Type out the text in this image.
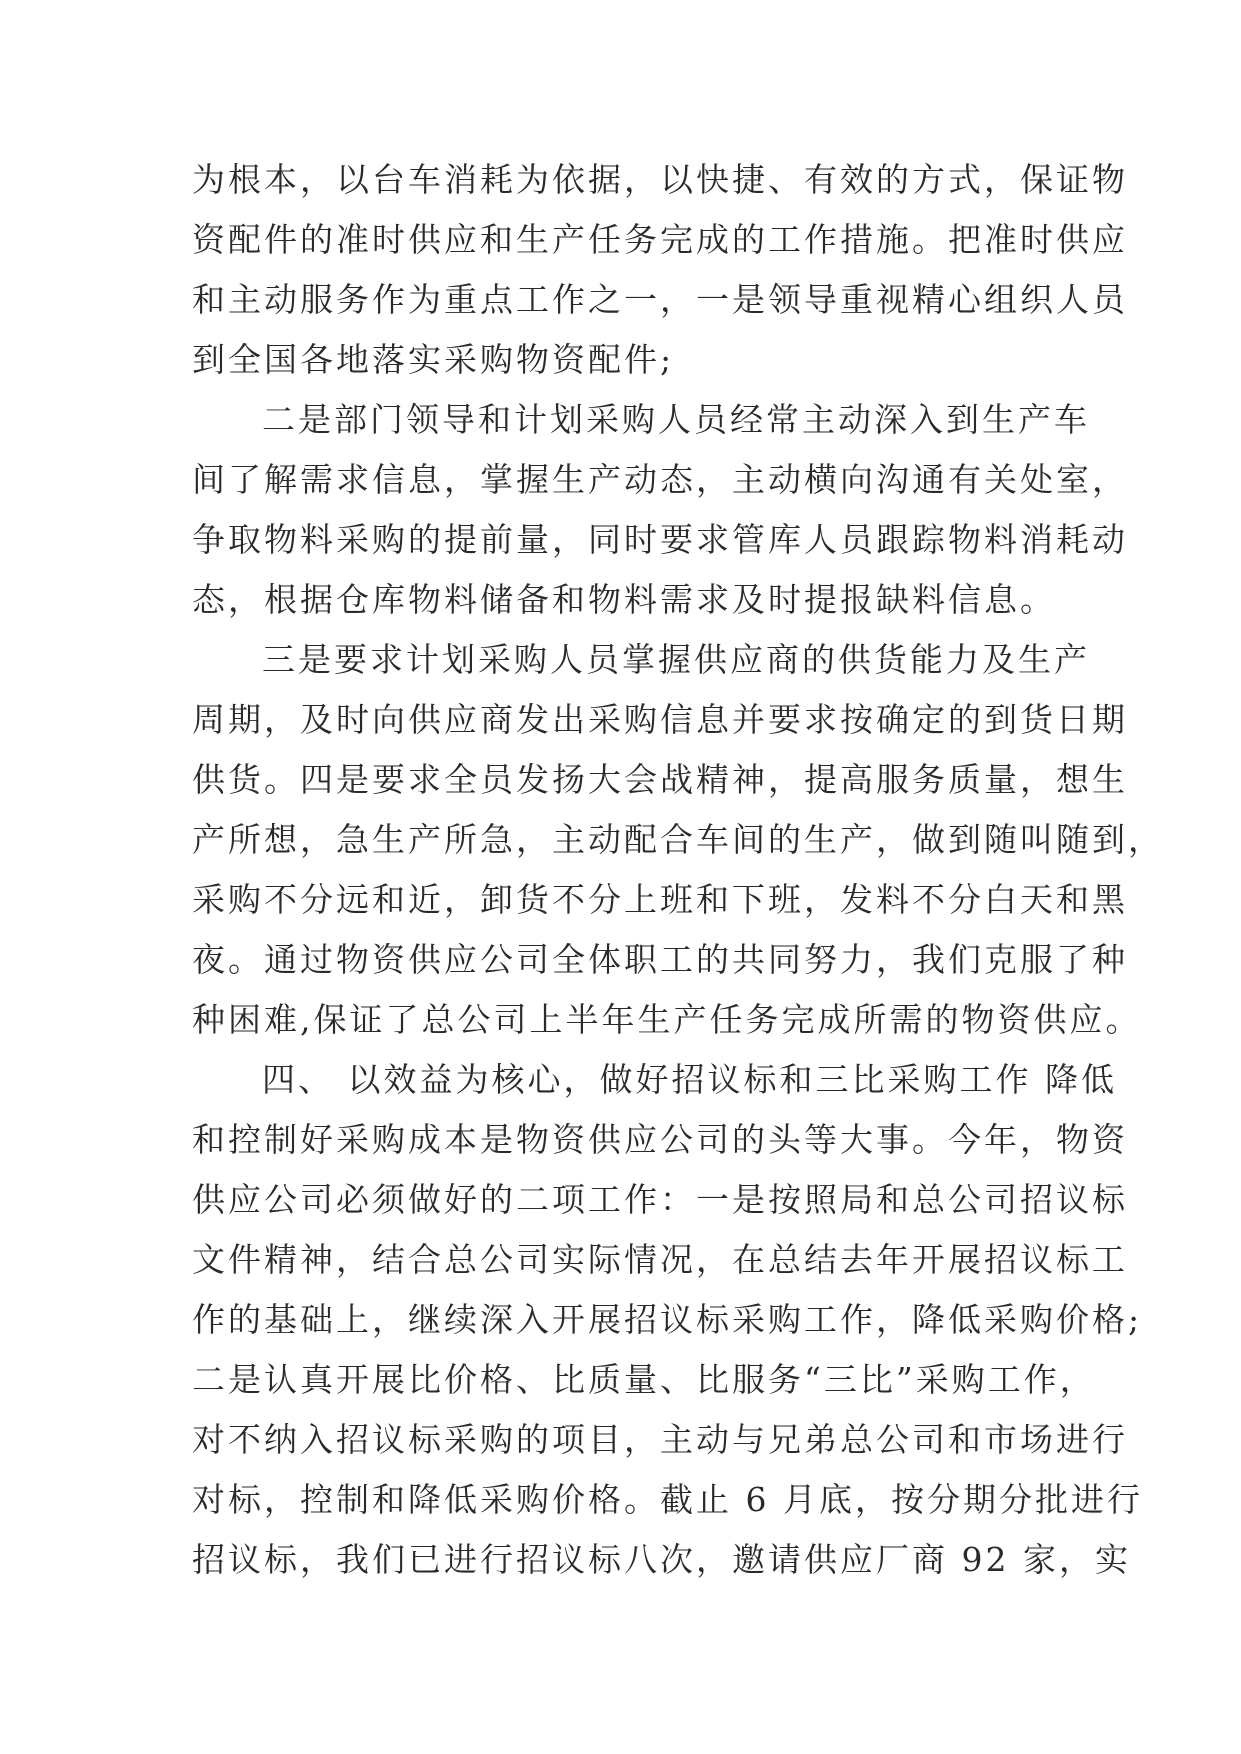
为根本，以台车消耗为依据，以快捷、有效的方式，保证物
资配件的准时供应和生产任务完成的工作措施。把准时供应
和主动服务作为重点工作之一，一是领导重视精心组织人员
到全国各地落实采购物资配件;
二是部门领导和计划采购人员经常主动深入到生产车
间了解需求信息，掌握生产动态，主动横向沟通有关处室，
争取物料采购的提前量，同时要求管库人员跟踪物料消耗动
态，根据仓库物料储备和物料需求及时提报缺料信息。
三是要求计划采购人员掌握供应商的供货能力及生产
周期，及时向供应商发出采购信息并要求按确定的到货日期
供货。四是要求全员发扬大会战精神，提高服务质量，想生
产所想，急生产所急，主动配合车间的生产，做到随叫随到，
采购不分远和近，卸货不分上班和下班，发料不分白天和黑
夜。通过物资供应公司全体职工的共同努力，我们克服了种
种困难,保证了总公司上半年生产任务完成所需的物资供应。
四、 以效益为核心，做好招议标和三比采购工作 降低
和控制好采购成本是物资供应公司的头等大事。今年，物资
供应公司必须做好的二项工作：一是按照局和总公司招议标
文件精神，结合总公司实际情况，在总结去年开展招议标工
作的基础上，继续深入开展招议标采购工作，降低采购价格;
二是认真开展比价格、比质量、比服务“三比”采购工作，
对不纳入招议标采购的项目，主动与兄弟总公司和市场进行
对标，控制和降低采购价格。截止 6 月底，按分期分批进行
招议标，我们已进行招议标八次，邀请供应厂商 92 家，实
